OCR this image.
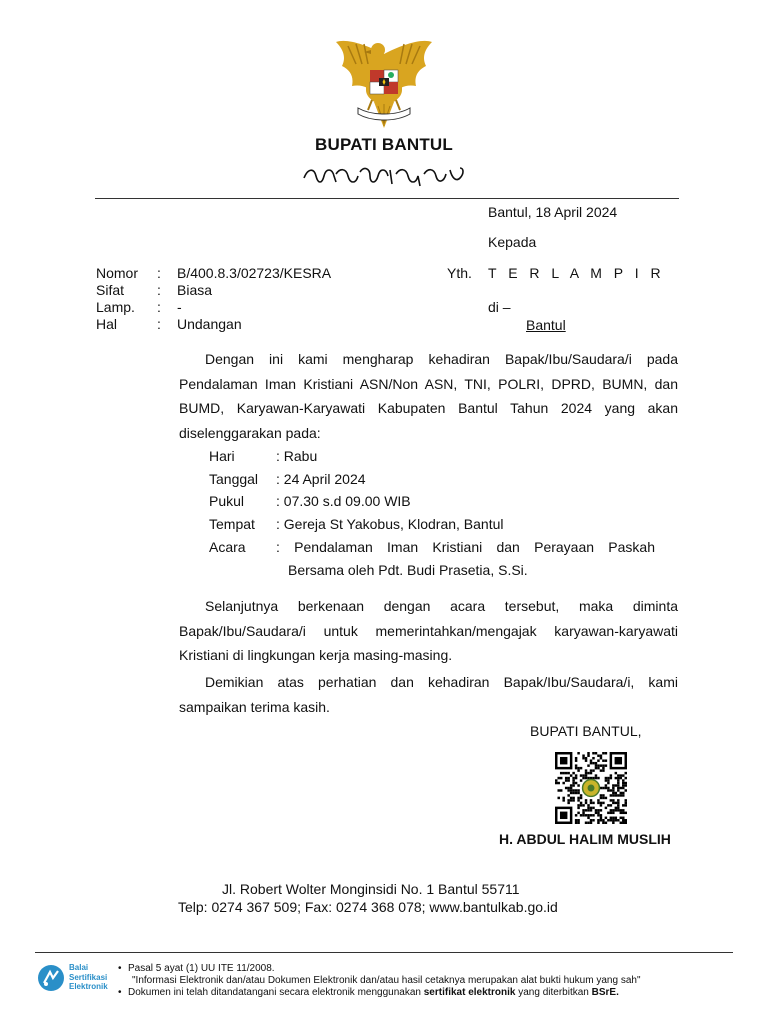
BUPATI BANTUL
Bantul, 18 April 2024
Kepada
Nomor : B/400.8.3/02723/KESRA
Sifat : Biasa
Lamp. : -
Hal	: Undangan
Yth. T E R L A M P I R
di –
Bantul
Dengan ini kami mengharap kehadiran Bapak/Ibu/Saudara/i pada
Pendalaman Iman Kristiani ASN/Non ASN, TNI, POLRI, DPRD, BUMN, dan
BUMD, Karyawan-Karyawati Kabupaten Bantul Tahun 2024 yang akan
diselenggarakan pada:
Hari	: Rabu
Tanggal : 24 April 2024
Pukul : 07.30 s.d 09.00 WIB
Tempat : Gereja St Yakobus, Klodran, Bantul
Acara : Pendalaman Iman Kristiani dan Perayaan Paskah
Bersama oleh Pdt. Budi Prasetia, S.Si.
Selanjutnya berkenaan dengan acara tersebut, maka diminta
Bapak/Ibu/Saudara/i untuk memerintahkan/mengajak karyawan-karyawati
Kristiani di lingkungan kerja masing-masing.
Demikian atas perhatian dan kehadiran Bapak/Ibu/Saudara/i, kami
sampaikan terima kasih.
BUPATI BANTUL,
H. ABDUL HALIM MUSLIH
Jl. Robert Wolter Monginsidi No. 1 Bantul 55711
Telp: 0274 367 509; Fax: 0274 368 078; www.bantulkab.go.id
Balai
Sertifikasi
Elektronik
• Pasal 5 ayat (1) UU ITE 11/2008.
"Informasi Elektronik dan/atau Dokumen Elektronik dan/atau hasil cetaknya merupakan alat bukti hukum yang sah"
• Dokumen ini telah ditandatangani secara elektronik menggunakan sertifikat elektronik yang diterbitkan BSrE.
